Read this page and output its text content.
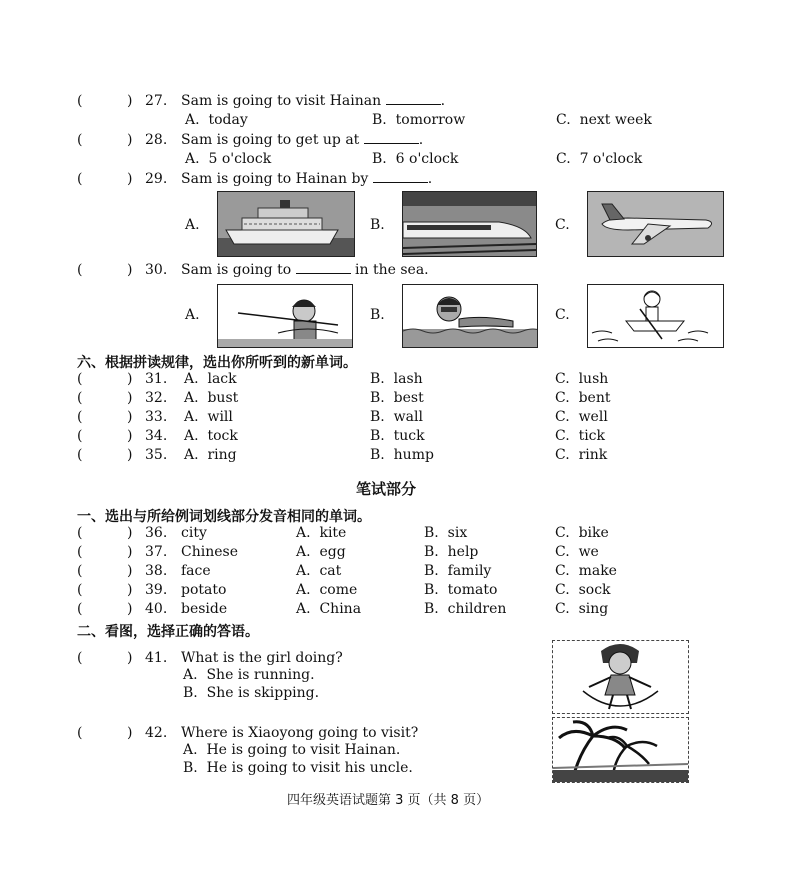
(	) 27. Sam is going to visit Hainan	.
A. today	B. tomorrow	C. next week
(	) 28. Sam is going to get up at	.
A. 5 o'clock	B. 6 o'clock	C. 7 o'clock
(	) 29. Sam is going to Hainan by	.
A.	B.	C.
(	) 30. Sam is going to	in the sea.
A.	B.	C.
六、根据拼读规律，选出你所听到的新单词。
(	) 31. A. lack	B. lash	C. lush
(	) 32. A. bust	B. best	C. bent
(	) 33. A. will	B. wall	C. well
(	) 34. A. tock	B. tuck	C. tick
(	) 35. A. ring	B. hump	C. rink
笔试部分
一、选出与所给例词划线部分发音相同的单词。
(	) 36. city	A. kite	B. six	C. bike
(	) 37. Chinese	A. egg	B. help	C. we
(	) 38. face	A. cat	B. family	C. make
(	) 39. potato	A. come	B. tomato	C. sock
(	) 40. beside	A. China	B. children	C. sing
二、看图，选择正确的答语。
(	) 41. What is the girl doing?
A. She is running.
B. She is skipping.
(	) 42. Where is Xiaoyong going to visit?
A. He is going to visit Hainan.
B. He is going to visit his uncle.
四年级英语试题第 3 页（共 8 页）
